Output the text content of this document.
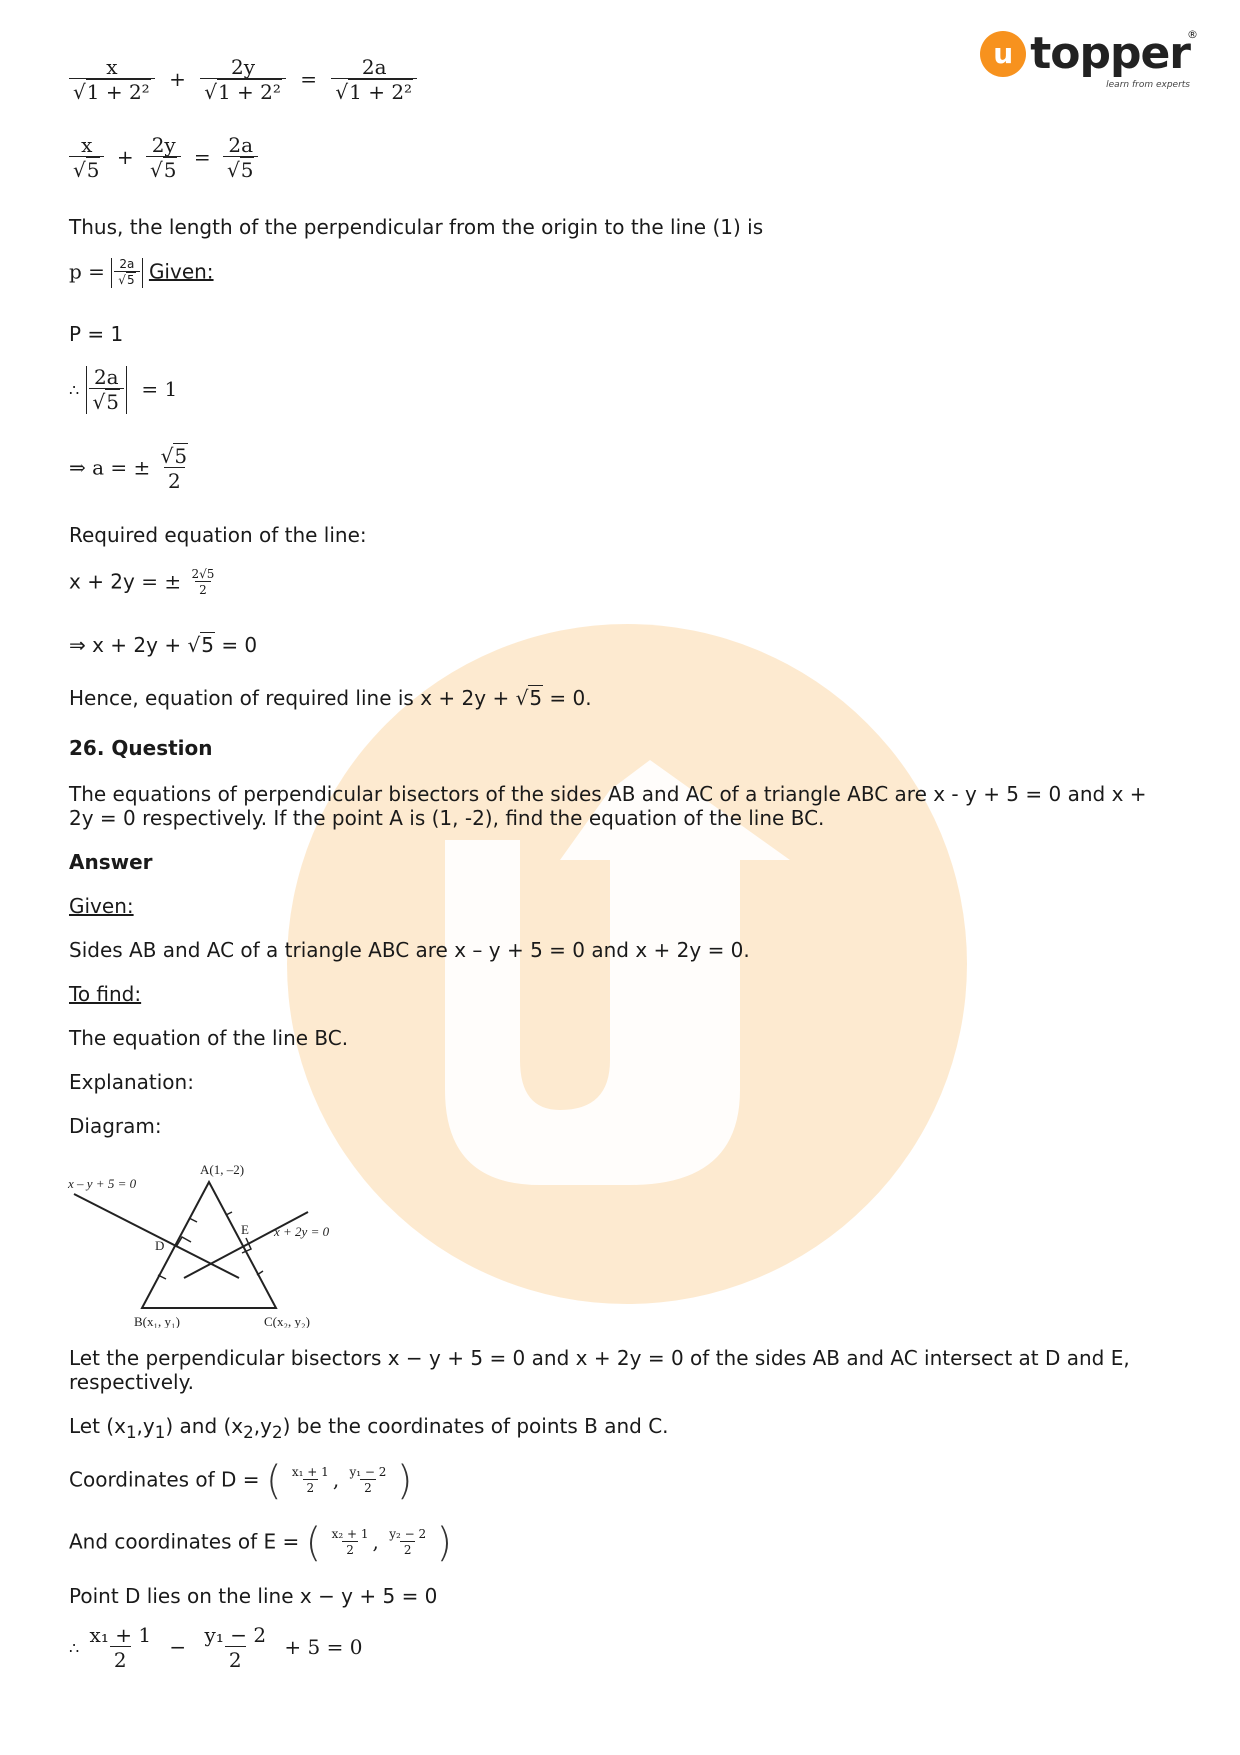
u topper
®
learn from experts
$\frac{x}{\text{√1 + 2²}} + \frac{2y}{\text{√1 + 2²}} = \frac{2a}{\text{√1 + 2²}}$
$\frac{x}{√5} + \frac{2y}{√5} = \frac{2a}{√5}$
Thus, the length of the perpendicular from the origin to the line (1) is
$p = \frac{2a}{√5}$ Given:
P = 1
∴ $\frac{2a}{√5} = 1$
⇒ a = ± $\frac{√5}{2}$
Required equation of the line:
x + 2y = ± $\frac{2√5}{2}$
⇒ x + 2y + √5 = 0
Hence, equation of required line is x + 2y + √5 = 0.
26. Question
The equations of perpendicular bisectors of the sides AB and AC of a triangle ABC are x - y + 5 = 0 and x +
2y = 0 respectively. If the point A is (1, -2), find the equation of the line BC.
Answer
Given:
Sides AB and AC of a triangle ABC are x – y + 5 = 0 and x + 2y = 0.
To find:
The equation of the line BC.
Explanation:
Diagram:
A(1, –2)
x – y + 5 = 0
D
E x + 2y = 0
B(x₁, y₁)	C(x₂, y₂)
Let the perpendicular bisectors x − y + 5 = 0 and x + 2y = 0 of the sides AB and AC intersect at D and E,
respectively.
Let $(x_1,y_1)$ and $(x_2,y_2)$ be the coordinates of points B and C.
Coordinates of D = ( $\frac{\text{x₁ + 1}}{2}$ , $\frac{\text{y₁ − 2}}{2}$ )
And coordinates of E = ( $\frac{\text{x₂ + 1}}{2}$ , $\frac{\text{y₂ − 2}}{2}$ )
Point D lies on the line x − y + 5 = 0
∴ $\frac{\text{x₁ + 1}}{2} - \frac{\text{y₁ − 2}}{2} + 5 = 0$
